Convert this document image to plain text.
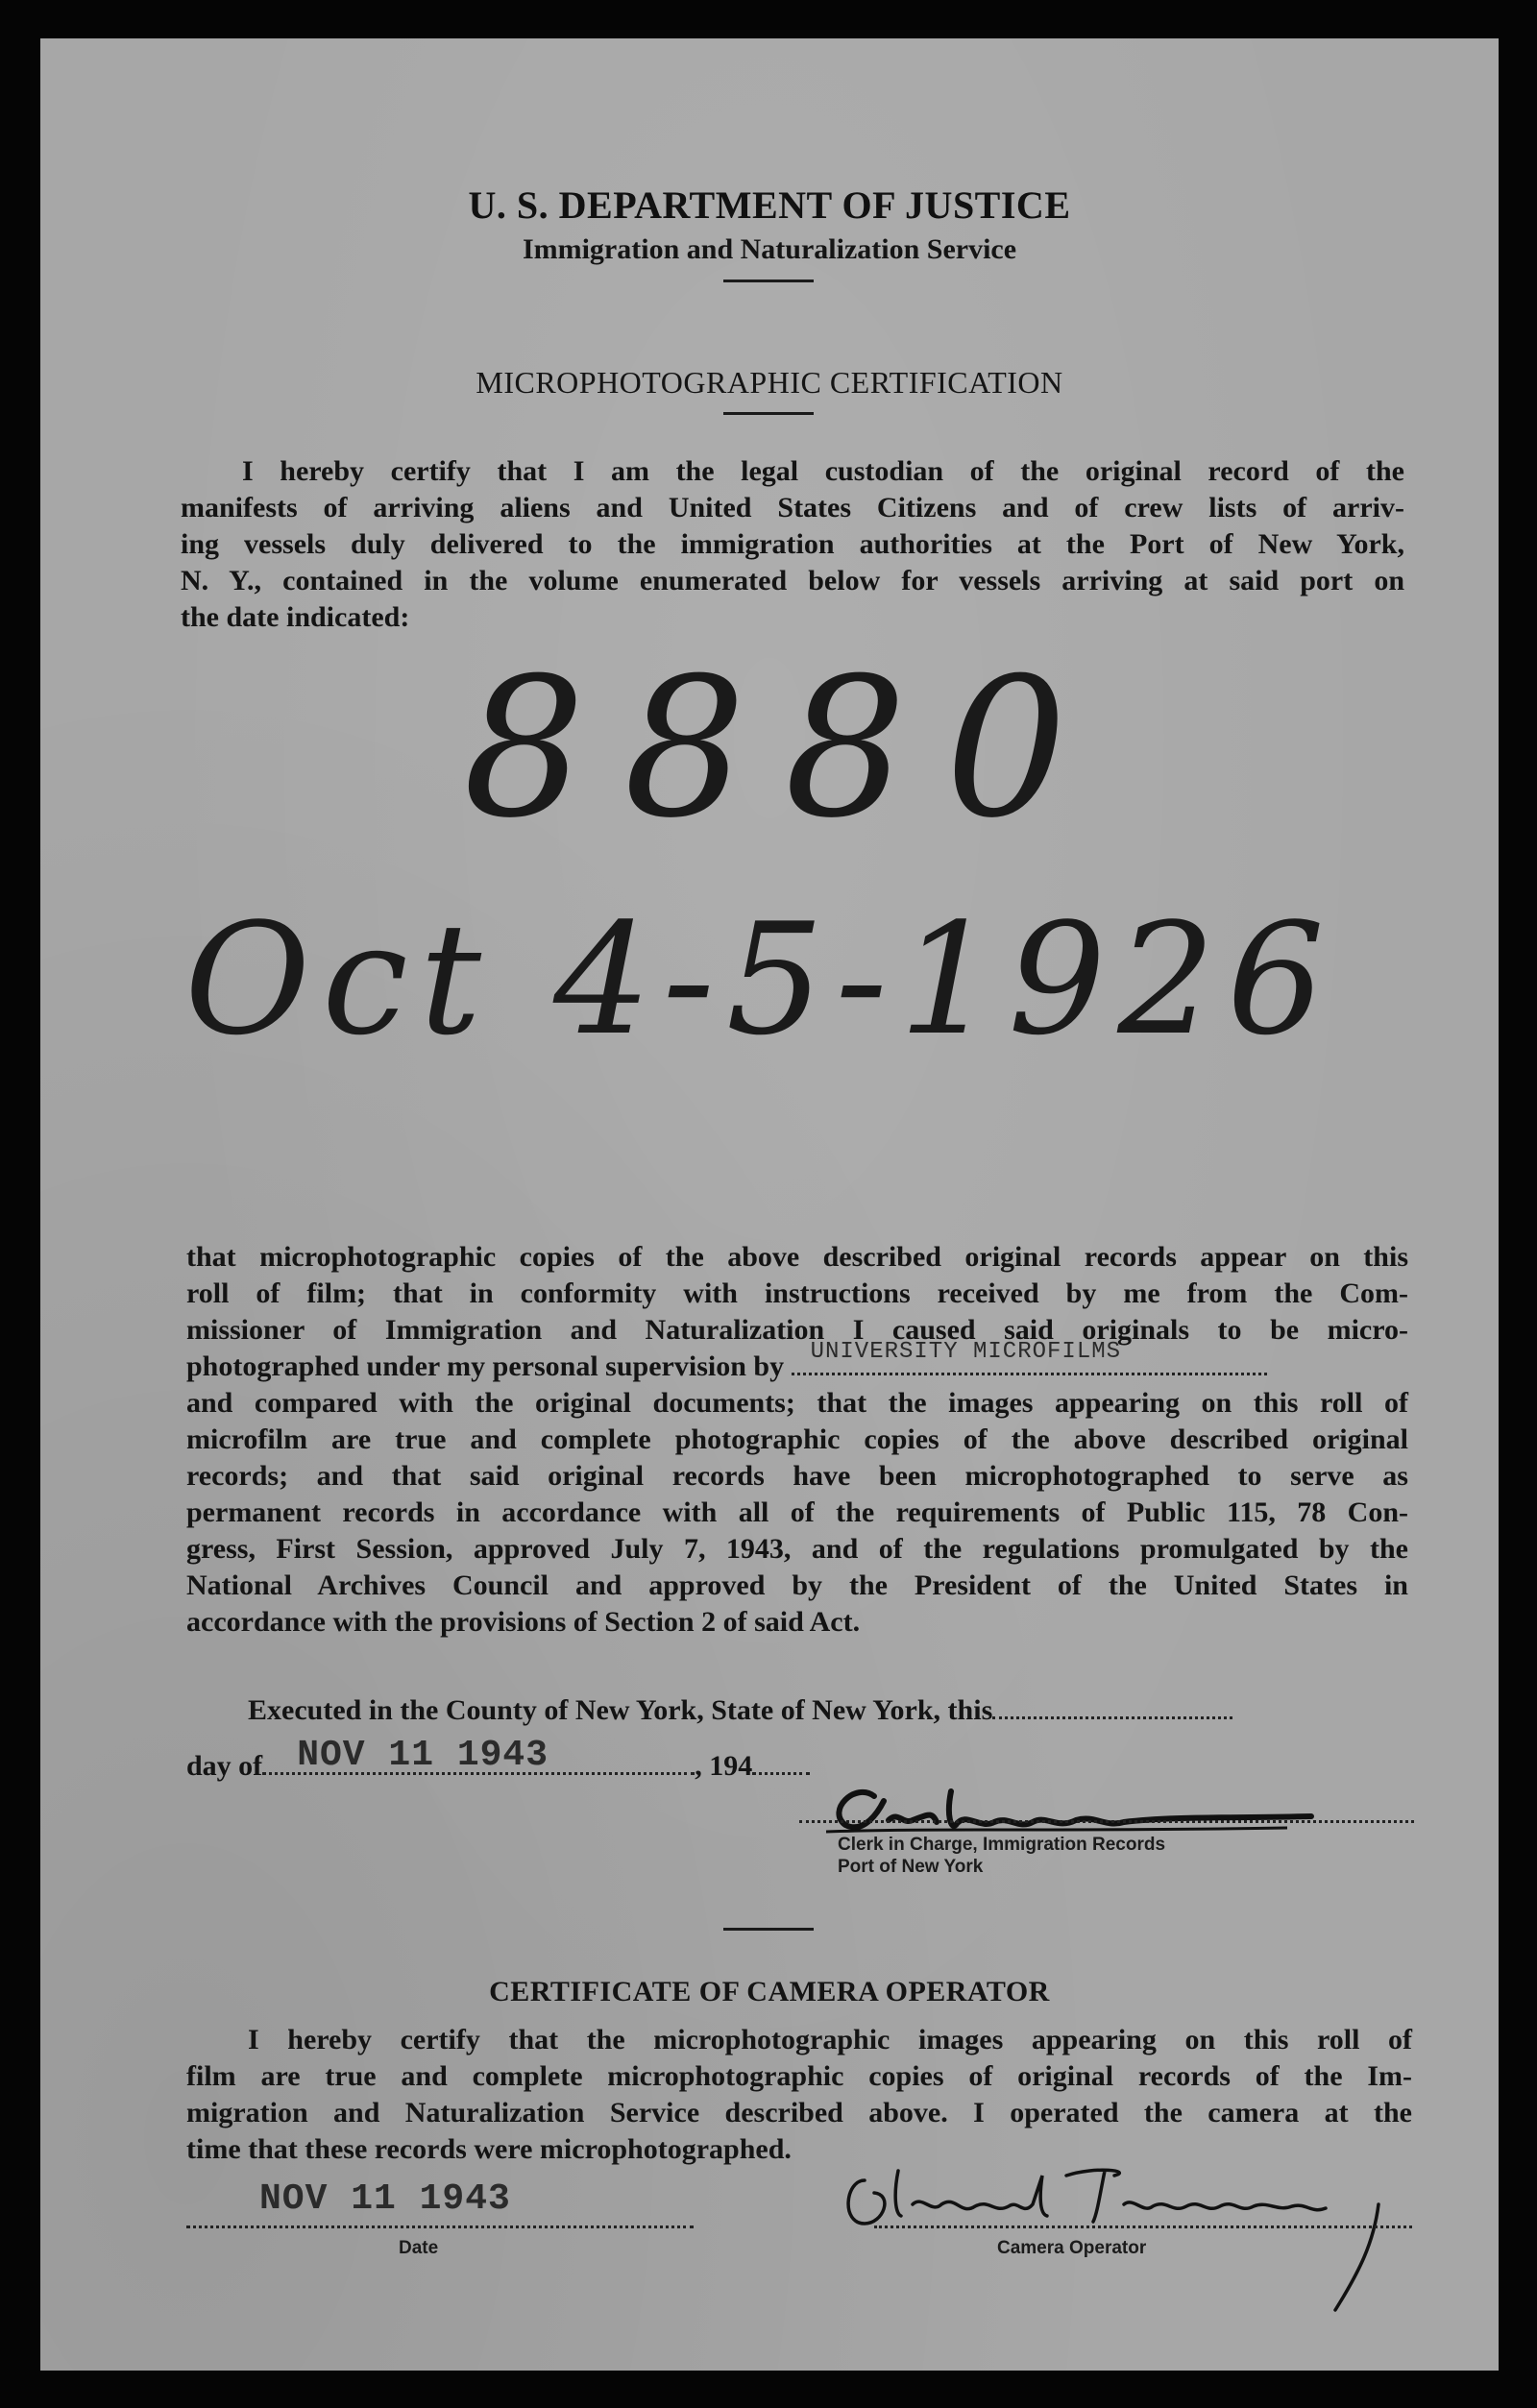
U. S. DEPARTMENT OF JUSTICE
Immigration and Naturalization Service
MICROPHOTOGRAPHIC CERTIFICATION
I hereby certify that I am the legal custodian of the original record of the
manifests of arriving aliens and United States Citizens and of crew lists of arriv-
ing vessels duly delivered to the immigration authorities at the Port of New York,
N. Y., contained in the volume enumerated below for vessels arriving at said port on
the date indicated:
8880
Oct 4-5-1926
that microphotographic copies of the above described original records appear on this
roll of film; that in conformity with instructions received by me from the Com-
missioner of Immigration and Naturalization I caused said originals to be micro-
photographed under my personal supervision by UNIVERSITY MICROFILMS
and compared with the original documents; that the images appearing on this roll of
microfilm are true and complete photographic copies of the above described original
records; and that said original records have been microphotographed to serve as
permanent records in accordance with all of the requirements of Public 115, 78 Con-
gress, First Session, approved July 7, 1943, and of the regulations promulgated by the
National Archives Council and approved by the President of the United States in
accordance with the provisions of Section 2 of said Act.
Executed in the County of New York, State of New York, this
day of NOV 11 1943	, 194
Clerk in Charge, Immigration Records
Port of New York
CERTIFICATE OF CAMERA OPERATOR
I hereby certify that the microphotographic images appearing on this roll of
film are true and complete microphotographic copies of original records of the Im-
migration and Naturalization Service described above. I operated the camera at the
time that these records were microphotographed.
NOV 11 1943
Date	Camera Operator
